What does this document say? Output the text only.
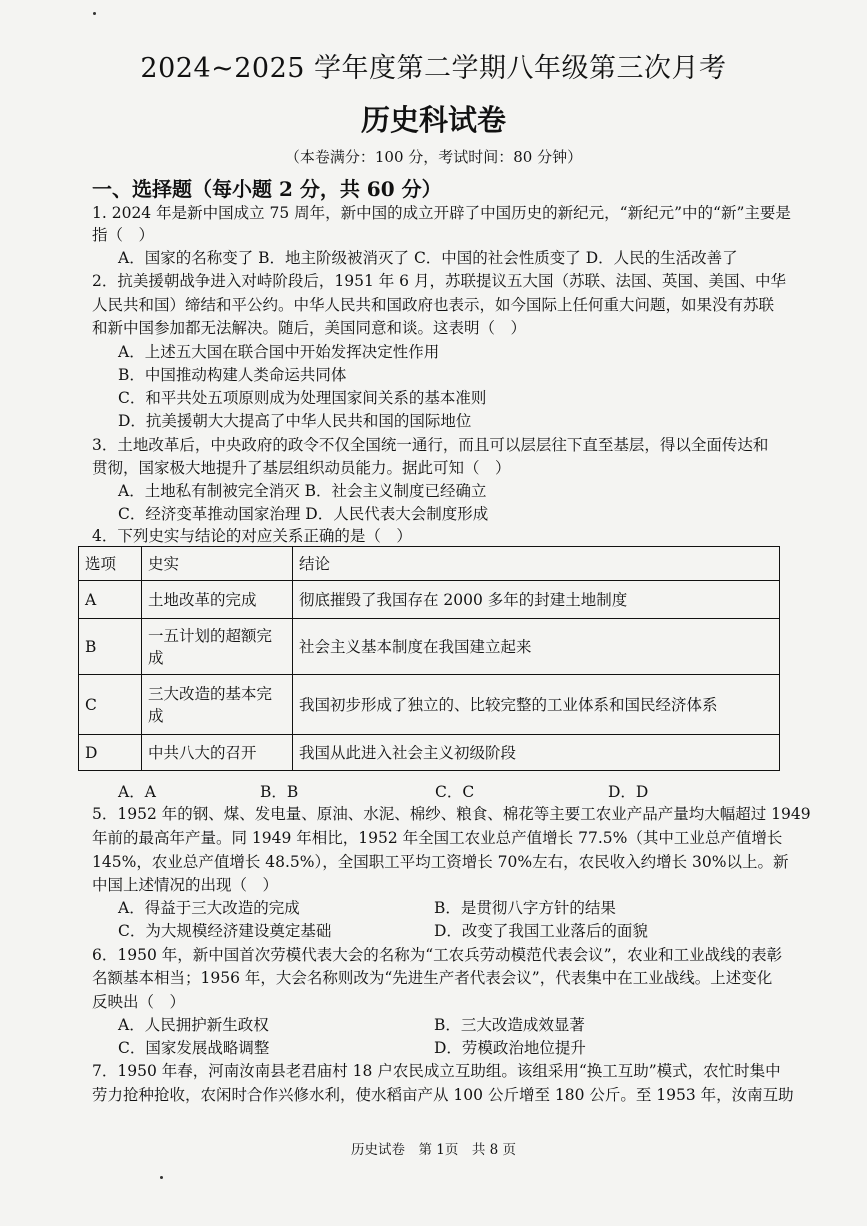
2024~2025 学年度第二学期八年级第三次月考
历史科试卷
（本卷满分：100 分，考试时间：80 分钟）
一、选择题（每小题 2 分，共 60 分）
1. 2024 年是新中国成立 75 周年，新中国的成立开辟了中国历史的新纪元，“新纪元”中的“新”主要是
指（　）
A．国家的名称变了 B．地主阶级被消灭了 C．中国的社会性质变了 D．人民的生活改善了
2．抗美援朝战争进入对峙阶段后，1951 年 6 月，苏联提议五大国（苏联、法国、英国、美国、中华
人民共和国）缔结和平公约。中华人民共和国政府也表示，如今国际上任何重大问题，如果没有苏联
和新中国参加都无法解决。随后，美国同意和谈。这表明（　）
A．上述五大国在联合国中开始发挥决定性作用
B．中国推动构建人类命运共同体
C．和平共处五项原则成为处理国家间关系的基本准则
D．抗美援朝大大提高了中华人民共和国的国际地位
3．土地改革后，中央政府的政令不仅全国统一通行，而且可以层层往下直至基层，得以全面传达和
贯彻，国家极大地提升了基层组织动员能力。据此可知（　）
A．土地私有制被完全消灭 B．社会主义制度已经确立
C．经济变革推动国家治理 D．人民代表大会制度形成
4．下列史实与结论的对应关系正确的是（　）
选项	史实	结论
A	土地改革的完成	彻底摧毁了我国存在 2000 多年的封建土地制度
B	一五计划的超额完成	社会主义基本制度在我国建立起来
C	三大改造的基本完成	我国初步形成了独立的、比较完整的工业体系和国民经济体系
D	中共八大的召开	我国从此进入社会主义初级阶段
A．A	B．B	C．C	D．D
5．1952 年的钢、煤、发电量、原油、水泥、棉纱、粮食、棉花等主要工农业产品产量均大幅超过 1949
年前的最高年产量。同 1949 年相比，1952 年全国工农业总产值增长 77.5%（其中工业总产值增长
145%，农业总产值增长 48.5%），全国职工平均工资增长 70%左右，农民收入约增长 30%以上。新
中国上述情况的出现（　）
A．得益于三大改造的完成	B．是贯彻八字方针的结果
C．为大规模经济建设奠定基础	D．改变了我国工业落后的面貌
6．1950 年，新中国首次劳模代表大会的名称为“工农兵劳动模范代表会议”，农业和工业战线的表彰
名额基本相当；1956 年，大会名称则改为“先进生产者代表会议”，代表集中在工业战线。上述变化
反映出（　）
A．人民拥护新生政权	B．三大改造成效显著
C．国家发展战略调整	D．劳模政治地位提升
7．1950 年春，河南汝南县老君庙村 18 户农民成立互助组。该组采用“换工互助”模式，农忙时集中
劳力抢种抢收，农闲时合作兴修水利，使水稻亩产从 100 公斤增至 180 公斤。至 1953 年，汝南互助
历史试卷　第 1页　共 8 页
